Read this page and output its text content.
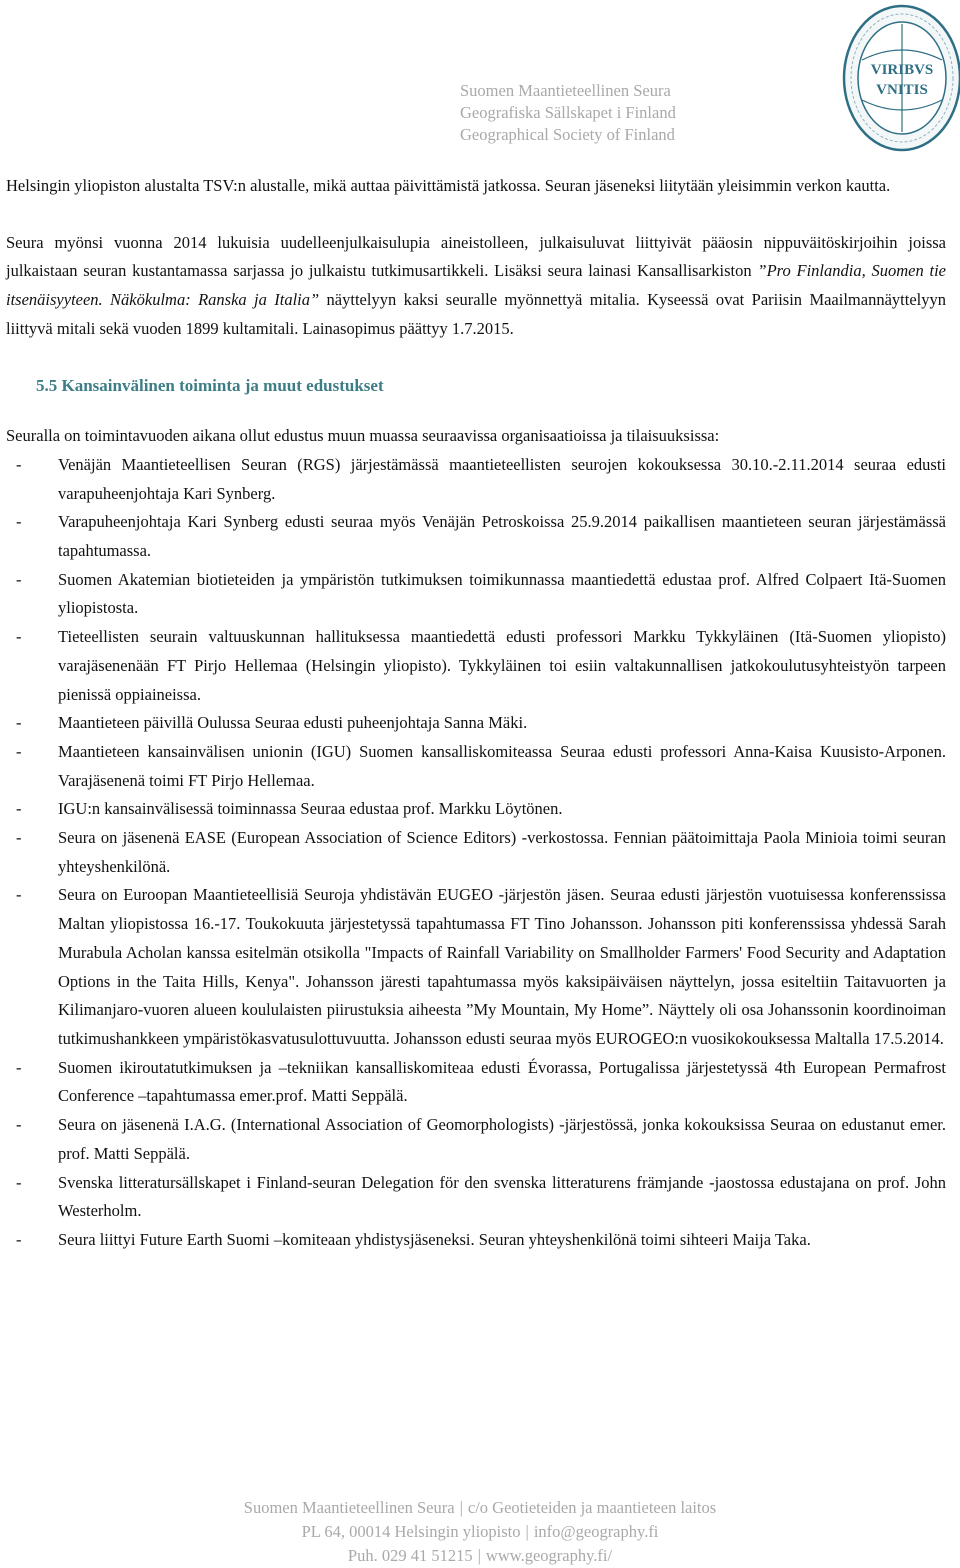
Suomen Maantieteellinen Seura
Geografiska Sällskapet i Finland
Geographical Society of Finland
VIRIBVS
VNITIS

Helsingin yliopiston alustalta TSV:n alustalle, mikä auttaa päivittämistä jatkossa. Seuran jäseneksi liitytään yleisimmin verkon kautta.

Seura myönsi vuonna 2014 lukuisia uudelleenjulkaisulupia aineistolleen, julkaisuluvat liittyivät pääosin nippuväitöskirjoihin joissa julkaistaan seuran kustantamassa sarjassa jo julkaistu tutkimusartikkeli. Lisäksi seura lainasi Kansallisarkiston ”Pro Finlandia, Suomen tie itsenäisyyteen. Näkökulma: Ranska ja Italia” näyttelyyn kaksi seuralle myönnettyä mitalia. Kyseessä ovat Pariisin Maailmannäyttelyyn liittyvä mitali sekä vuoden 1899 kultamitali. Lainasopimus päättyy 1.7.2015.

5.5 Kansainvälinen toiminta ja muut edustukset

Seuralla on toimintavuoden aikana ollut edustus muun muassa seuraavissa organisaatioissa ja tilaisuuksissa:

- Venäjän Maantieteellisen Seuran (RGS) järjestämässä maantieteellisten seurojen kokouksessa 30.10.-2.11.2014 seuraa edusti varapuheenjohtaja Kari Synberg.
- Varapuheenjohtaja Kari Synberg edusti seuraa myös Venäjän Petroskoissa 25.9.2014 paikallisen maantieteen seuran järjestämässä tapahtumassa.
- Suomen Akatemian biotieteiden ja ympäristön tutkimuksen toimikunnassa maantiedettä edustaa prof. Alfred Colpaert Itä-Suomen yliopistosta.
- Tieteellisten seurain valtuuskunnan hallituksessa maantiedettä edusti professori Markku Tykkyläinen (Itä-Suomen yliopisto) varajäsenenään FT Pirjo Hellemaa (Helsingin yliopisto). Tykkyläinen toi esiin valtakunnallisen jatkokoulutusyhteistyön tarpeen pienissä oppiaineissa.
- Maantieteen päivillä Oulussa Seuraa edusti puheenjohtaja Sanna Mäki.
- Maantieteen kansainvälisen unionin (IGU) Suomen kansalliskomiteassa Seuraa edusti professori Anna-Kaisa Kuusisto-Arponen. Varajäsenenä toimi FT Pirjo Hellemaa.
- IGU:n kansainvälisessä toiminnassa Seuraa edustaa prof. Markku Löytönen.
- Seura on jäsenenä EASE (European Association of Science Editors) -verkostossa. Fennian päätoimittaja Paola Minioia toimi seuran yhteyshenkilönä.
- Seura on Euroopan Maantieteellisiä Seuroja yhdistävän EUGEO -järjestön jäsen. Seuraa edusti järjestön vuotuisessa konferenssissa Maltan yliopistossa 16.-17. Toukokuuta järjestetyssä tapahtumassa FT Tino Johansson. Johansson piti konferenssissa yhdessä Sarah Murabula Acholan kanssa esitelmän otsikolla "Impacts of Rainfall Variability on Smallholder Farmers' Food Security and Adaptation Options in the Taita Hills, Kenya". Johansson järesti tapahtumassa myös kaksipäiväisen näyttelyn, jossa esiteltiin Taitavuorten ja Kilimanjaro-vuoren alueen koululaisten piirustuksia aiheesta ”My Mountain, My Home”. Näyttely oli osa Johanssonin koordinoiman tutkimushankkeen ympäristökasvatusulottuvuutta. Johansson edusti seuraa myös EUROGEO:n vuosikokouksessa Maltalla 17.5.2014.
- Suomen ikiroutatutkimuksen ja –tekniikan kansalliskomiteaa edusti Évorassa, Portugalissa järjestetyssä 4th European Permafrost Conference –tapahtumassa emer.prof. Matti Seppälä.
- Seura on jäsenenä I.A.G. (International Association of Geomorphologists) -järjestössä, jonka kokouksissa Seuraa on edustanut emer. prof. Matti Seppälä.
- Svenska litteratursällskapet i Finland-seuran Delegation för den svenska litteraturens främjande -jaostossa edustajana on prof. John Westerholm.
- Seura liittyi Future Earth Suomi –komiteaan yhdistysjäseneksi. Seuran yhteyshenkilönä toimi sihteeri Maija Taka.
Suomen Maantieteellinen Seura | c/o Geotieteiden ja maantieteen laitos
PL 64, 00014 Helsingin yliopisto | info@geography.fi
Puh. 029 41 51215 | www.geography.fi/
